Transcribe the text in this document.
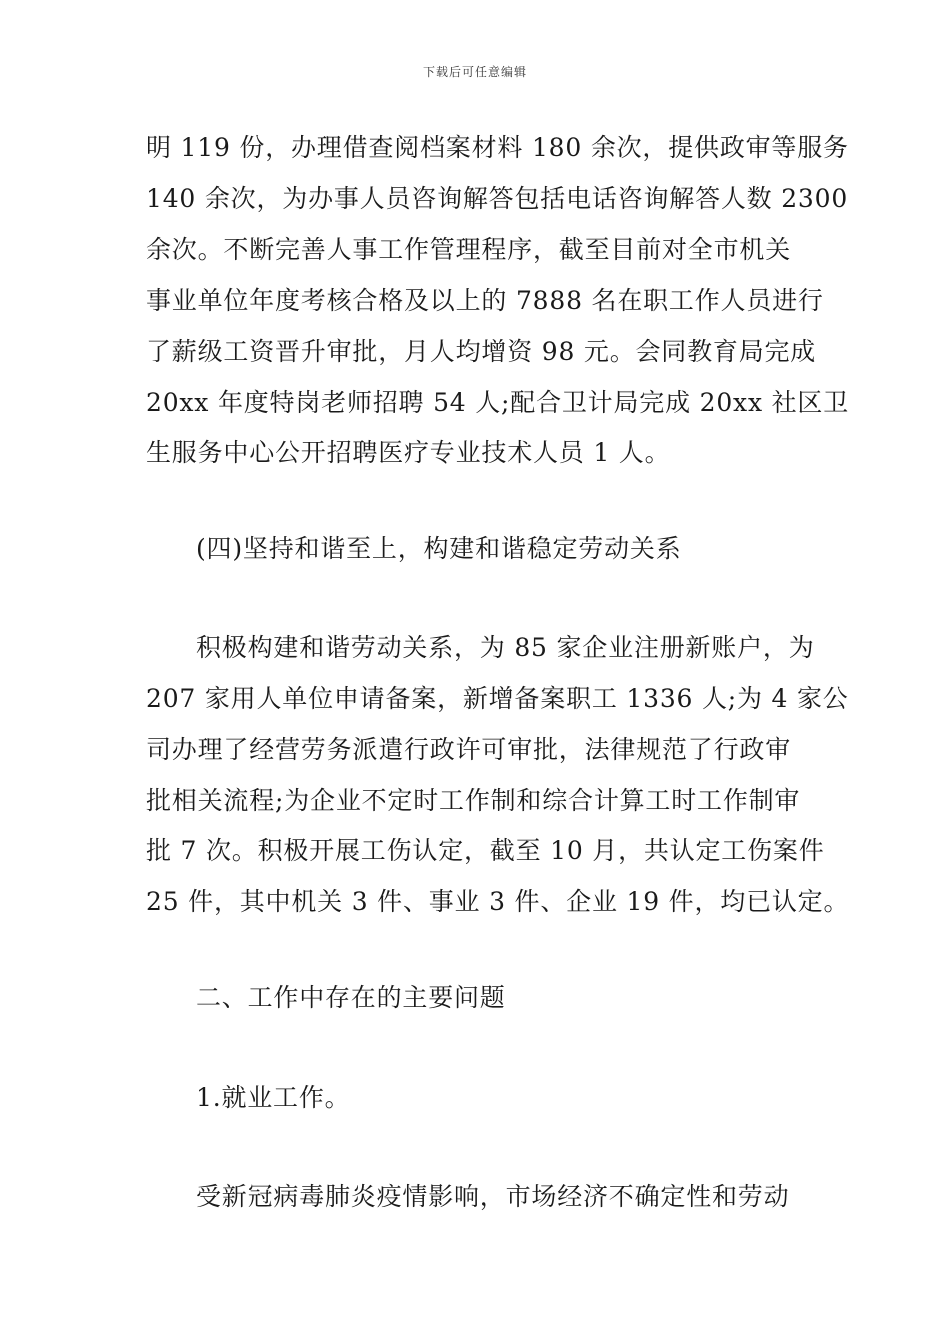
下载后可任意编辑
明 119 份，办理借查阅档案材料 180 余次，提供政审等服务
140 余次，为办事人员咨询解答包括电话咨询解答人数 2300
余次。不断完善人事工作管理程序，截至目前对全市机关
事业单位年度考核合格及以上的 7888 名在职工作人员进行
了薪级工资晋升审批，月人均增资 98 元。会同教育局完成
20xx 年度特岗老师招聘 54 人;配合卫计局完成 20xx 社区卫
生服务中心公开招聘医疗专业技术人员 1 人。
(四)坚持和谐至上，构建和谐稳定劳动关系
积极构建和谐劳动关系，为 85 家企业注册新账户，为
207 家用人单位申请备案，新增备案职工 1336 人;为 4 家公
司办理了经营劳务派遣行政许可审批，法律规范了行政审
批相关流程;为企业不定时工作制和综合计算工时工作制审
批 7 次。积极开展工伤认定，截至 10 月，共认定工伤案件
25 件，其中机关 3 件、事业 3 件、企业 19 件，均已认定。
二、工作中存在的主要问题
1.就业工作。
受新冠病毒肺炎疫情影响，市场经济不确定性和劳动
